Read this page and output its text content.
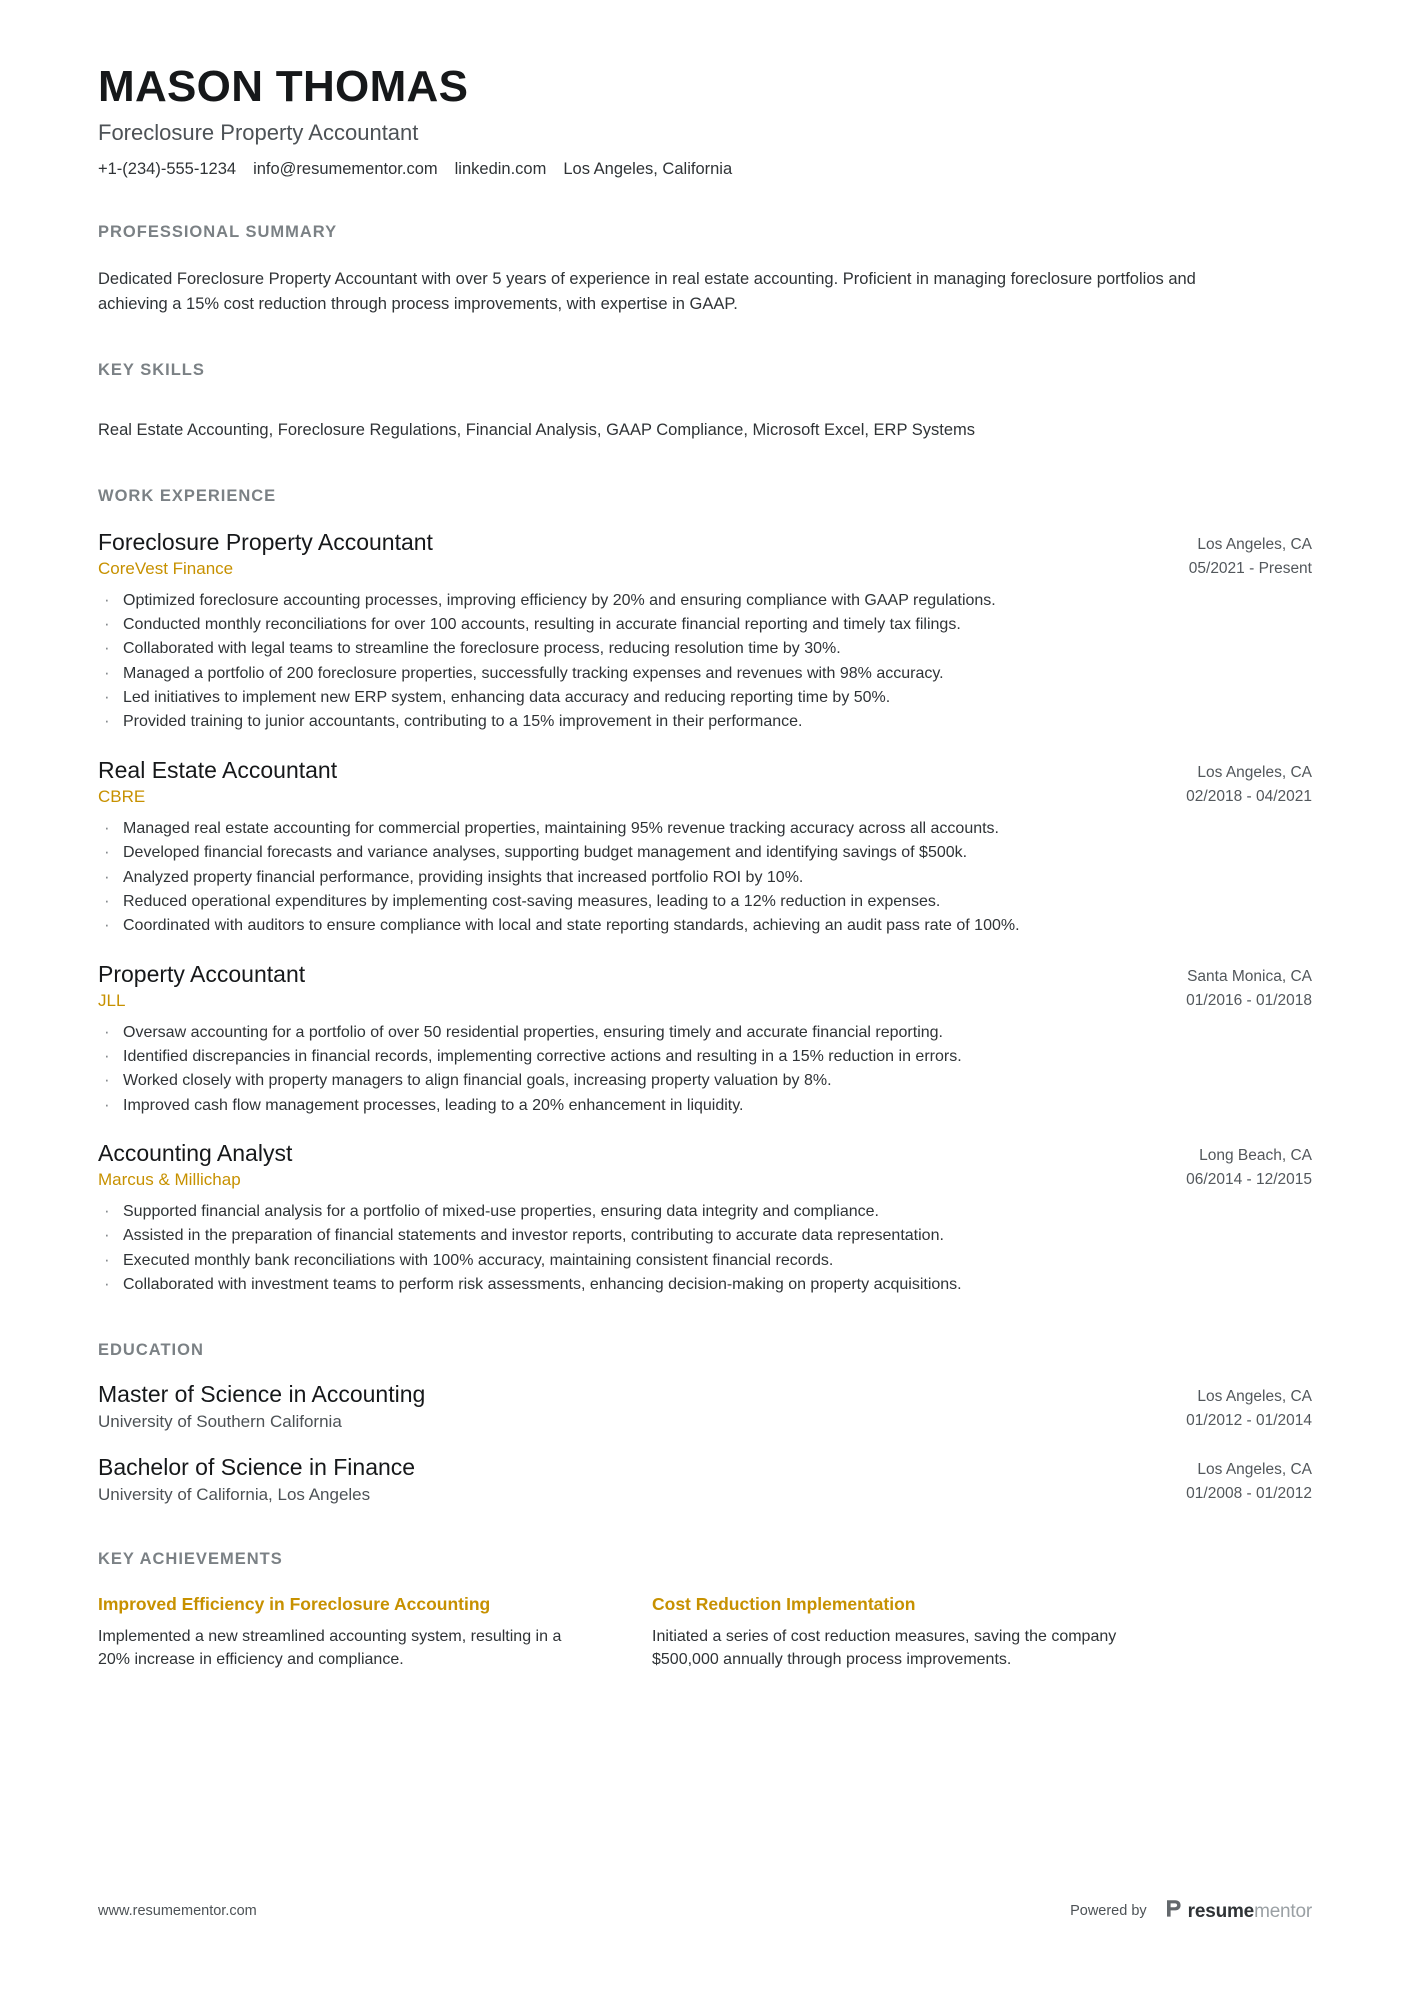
MASON THOMAS
Foreclosure Property Accountant
+1-(234)-555-1234 info@resumementor.com linkedin.com Los Angeles, California
PROFESSIONAL SUMMARY
Dedicated Foreclosure Property Accountant with over 5 years of experience in real estate accounting. Proficient in managing foreclosure portfolios and achieving a 15% cost reduction through process improvements, with expertise in GAAP.
KEY SKILLS
Real Estate Accounting, Foreclosure Regulations, Financial Analysis, GAAP Compliance, Microsoft Excel, ERP Systems
WORK EXPERIENCE
Foreclosure Property Accountant
CoreVest Finance
Los Angeles, CA
05/2021 - Present
· Optimized foreclosure accounting processes, improving efficiency by 20% and ensuring compliance with GAAP regulations.
· Conducted monthly reconciliations for over 100 accounts, resulting in accurate financial reporting and timely tax filings.
· Collaborated with legal teams to streamline the foreclosure process, reducing resolution time by 30%.
· Managed a portfolio of 200 foreclosure properties, successfully tracking expenses and revenues with 98% accuracy.
· Led initiatives to implement new ERP system, enhancing data accuracy and reducing reporting time by 50%.
· Provided training to junior accountants, contributing to a 15% improvement in their performance.
Real Estate Accountant
CBRE
Los Angeles, CA
02/2018 - 04/2021
· Managed real estate accounting for commercial properties, maintaining 95% revenue tracking accuracy across all accounts.
· Developed financial forecasts and variance analyses, supporting budget management and identifying savings of $500k.
· Analyzed property financial performance, providing insights that increased portfolio ROI by 10%.
· Reduced operational expenditures by implementing cost-saving measures, leading to a 12% reduction in expenses.
· Coordinated with auditors to ensure compliance with local and state reporting standards, achieving an audit pass rate of 100%.
Property Accountant
JLL
Santa Monica, CA
01/2016 - 01/2018
· Oversaw accounting for a portfolio of over 50 residential properties, ensuring timely and accurate financial reporting.
· Identified discrepancies in financial records, implementing corrective actions and resulting in a 15% reduction in errors.
· Worked closely with property managers to align financial goals, increasing property valuation by 8%.
· Improved cash flow management processes, leading to a 20% enhancement in liquidity.
Accounting Analyst
Marcus & Millichap
Long Beach, CA
06/2014 - 12/2015
· Supported financial analysis for a portfolio of mixed-use properties, ensuring data integrity and compliance.
· Assisted in the preparation of financial statements and investor reports, contributing to accurate data representation.
· Executed monthly bank reconciliations with 100% accuracy, maintaining consistent financial records.
· Collaborated with investment teams to perform risk assessments, enhancing decision-making on property acquisitions.
EDUCATION
Master of Science in Accounting
University of Southern California
Los Angeles, CA
01/2012 - 01/2014
Bachelor of Science in Finance
University of California, Los Angeles
Los Angeles, CA
01/2008 - 01/2012
KEY ACHIEVEMENTS
Improved Efficiency in Foreclosure Accounting
Implemented a new streamlined accounting system, resulting in a 20% increase in efficiency and compliance.
Cost Reduction Implementation
Initiated a series of cost reduction measures, saving the company $500,000 annually through process improvements.
www.resumementor.com	Powered by resumementor
